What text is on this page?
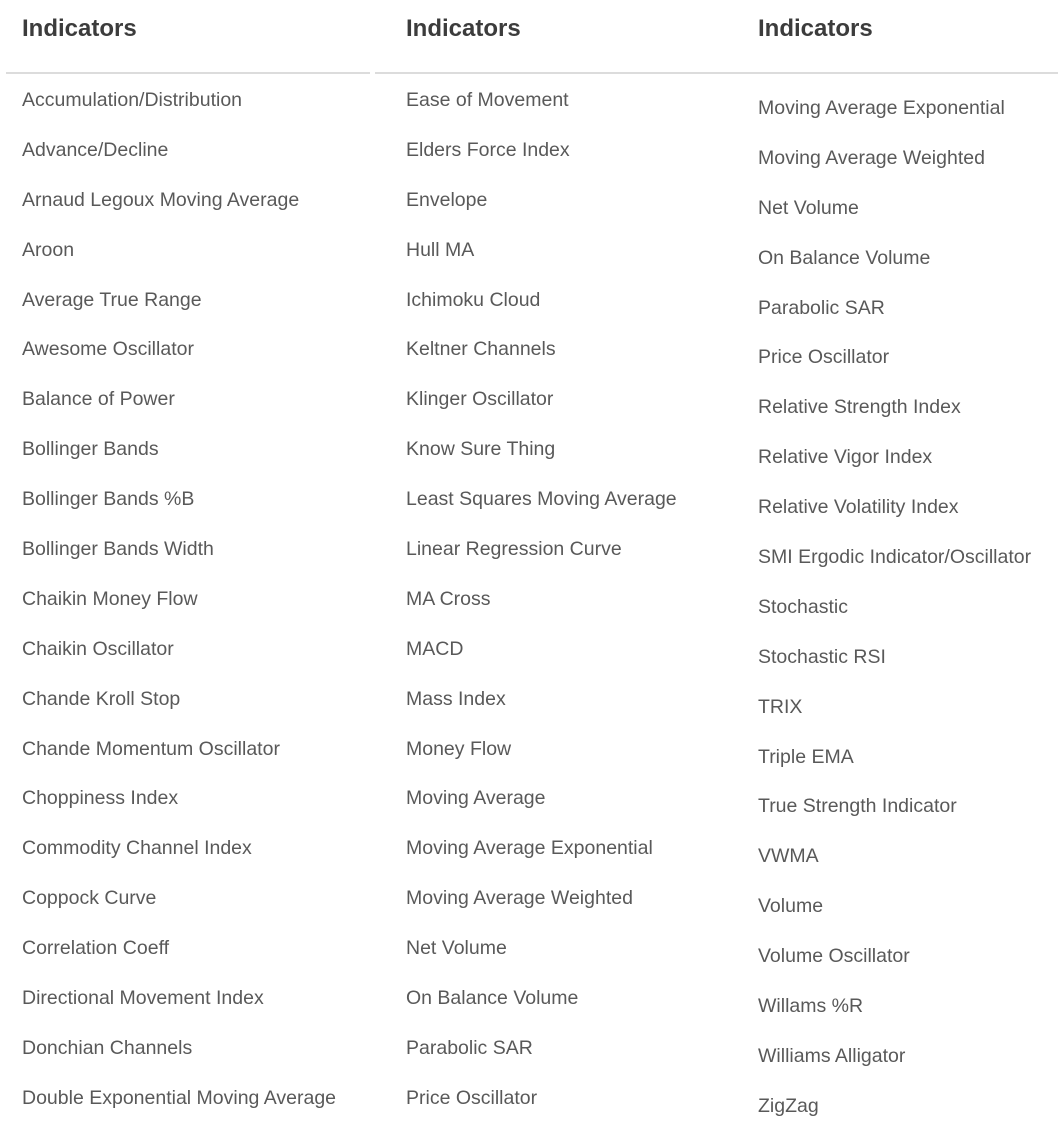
Indicators
Accumulation/Distribution
Advance/Decline
Arnaud Legoux Moving Average
Aroon
Average True Range
Awesome Oscillator
Balance of Power
Bollinger Bands
Bollinger Bands %B
Bollinger Bands Width
Chaikin Money Flow
Chaikin Oscillator
Chande Kroll Stop
Chande Momentum Oscillator
Choppiness Index
Commodity Channel Index
Coppock Curve
Correlation Coeff
Directional Movement Index
Donchian Channels
Double Exponential Moving Average
Indicators
Ease of Movement
Elders Force Index
Envelope
Hull MA
Ichimoku Cloud
Keltner Channels
Klinger Oscillator
Know Sure Thing
Least Squares Moving Average
Linear Regression Curve
MA Cross
MACD
Mass Index
Money Flow
Moving Average
Moving Average Exponential
Moving Average Weighted
Net Volume
On Balance Volume
Parabolic SAR
Price Oscillator
Indicators
Moving Average Exponential
Moving Average Weighted
Net Volume
On Balance Volume
Parabolic SAR
Price Oscillator
Relative Strength Index
Relative Vigor Index
Relative Volatility Index
SMI Ergodic Indicator/Oscillator
Stochastic
Stochastic RSI
TRIX
Triple EMA
True Strength Indicator
VWMA
Volume
Volume Oscillator
Willams %R
Williams Alligator
ZigZag
